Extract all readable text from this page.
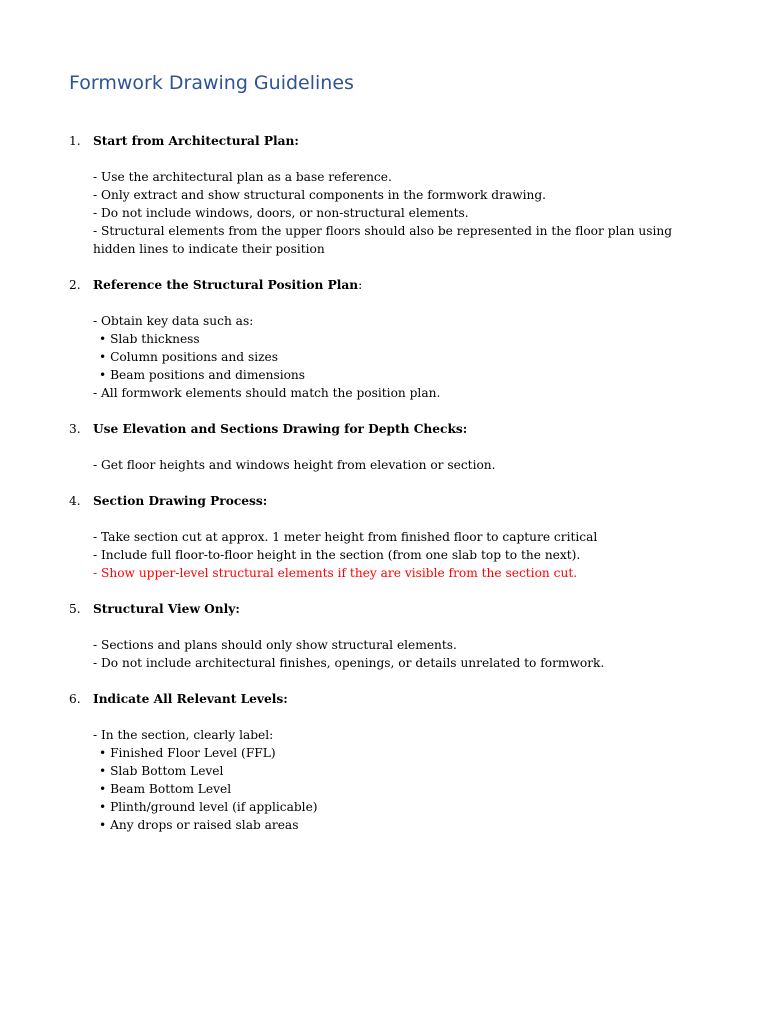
Formwork Drawing Guidelines
1. Start from Architectural Plan:
- Use the architectural plan as a base reference.
- Only extract and show structural components in the formwork drawing.
- Do not include windows, doors, or non-structural elements.
- Structural elements from the upper floors should also be represented in the floor plan using hidden lines to indicate their position
2. Reference the Structural Position Plan:
- Obtain key data such as:
• Slab thickness
• Column positions and sizes
• Beam positions and dimensions
- All formwork elements should match the position plan.
3. Use Elevation and Sections Drawing for Depth Checks:
- Get floor heights and windows height from elevation or section.
4. Section Drawing Process:
- Take section cut at approx. 1 meter height from finished floor to capture critical
- Include full floor-to-floor height in the section (from one slab top to the next).
- Show upper-level structural elements if they are visible from the section cut.
5. Structural View Only:
- Sections and plans should only show structural elements.
- Do not include architectural finishes, openings, or details unrelated to formwork.
6. Indicate All Relevant Levels:
- In the section, clearly label:
• Finished Floor Level (FFL)
• Slab Bottom Level
• Beam Bottom Level
• Plinth/ground level (if applicable)
• Any drops or raised slab areas
